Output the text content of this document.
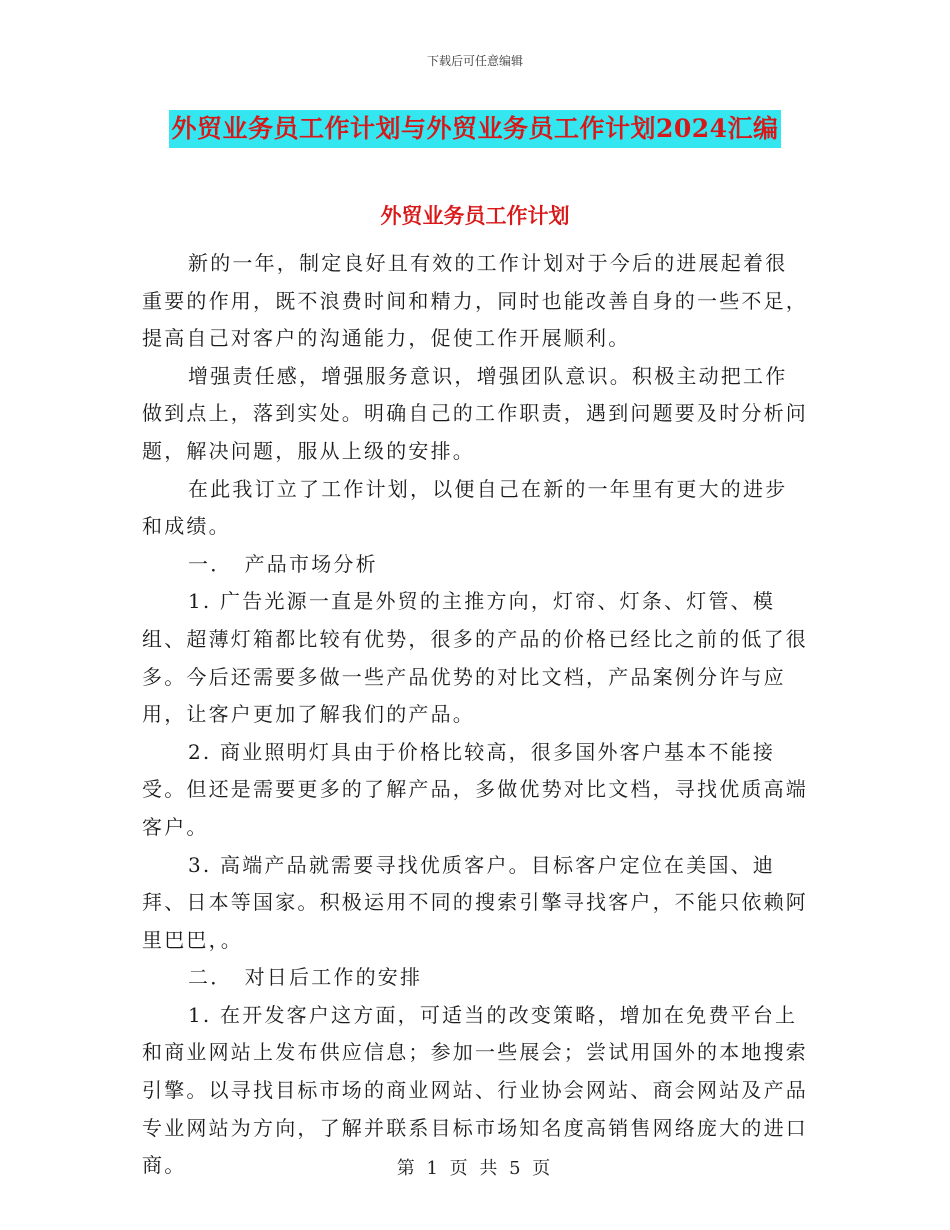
下载后可任意编辑
外贸业务员工作计划与外贸业务员工作计划2024汇编
外贸业务员工作计划

新的一年，制定良好且有效的工作计划对于今后的进展起着很重要的作用，既不浪费时间和精力，同时也能改善自身的一些不足，提高自己对客户的沟通能力，促使工作开展顺利。

增强责任感，增强服务意识，增强团队意识。积极主动把工作做到点上，落到实处。明确自己的工作职责，遇到问题要及时分析问题，解决问题，服从上级的安排。

在此我订立了工作计划，以便自己在新的一年里有更大的进步和成绩。

一．　产品市场分析

1. 广告光源一直是外贸的主推方向，灯帘、灯条、灯管、模组、超薄灯箱都比较有优势，很多的产品的价格已经比之前的低了很多。今后还需要多做一些产品优势的对比文档，产品案例分许与应用，让客户更加了解我们的产品。

2. 商业照明灯具由于价格比较高，很多国外客户基本不能接受。但还是需要更多的了解产品，多做优势对比文档，寻找优质高端客户。

3. 高端产品就需要寻找优质客户。目标客户定位在美国、迪拜、日本等国家。积极运用不同的搜索引擎寻找客户，不能只依赖阿里巴巴，。

二．　对日后工作的安排

1. 在开发客户这方面，可适当的改变策略，增加在免费平台上和商业网站上发布供应信息；参加一些展会；尝试用国外的本地搜索引擎。以寻找目标市场的商业网站、行业协会网站、商会网站及产品专业网站为方向，了解并联系目标市场知名度高销售网络庞大的进口商。	第 1 页 共 5 页
